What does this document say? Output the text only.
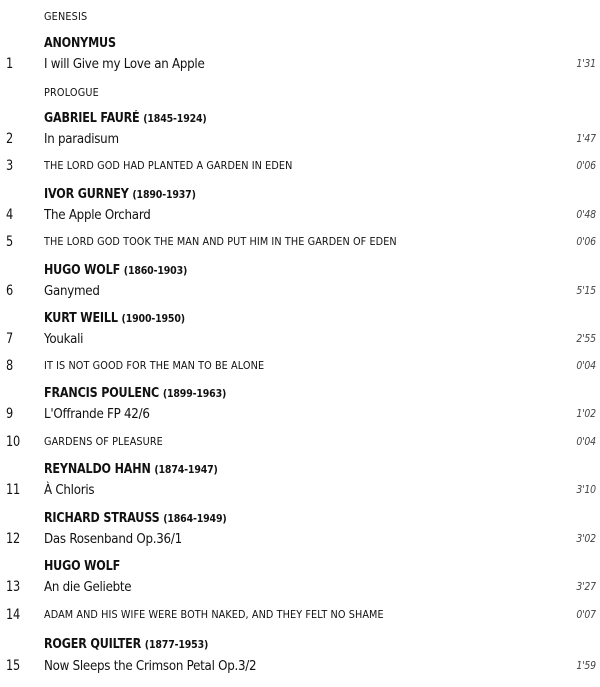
GENESIS
ANONYMUS
1	I will Give my Love an Apple	1'31
PROLOGUE
GABRIEL FAURÉ (1845-1924)
2	In paradisum	1'47
3	THE LORD GOD HAD PLANTED A GARDEN IN EDEN	0'06
IVOR GURNEY (1890-1937)
4	The Apple Orchard	0'48
5	THE LORD GOD TOOK THE MAN AND PUT HIM IN THE GARDEN OF EDEN	0'06
HUGO WOLF (1860-1903)
6	Ganymed	5'15
KURT WEILL (1900-1950)
7	Youkali	2'55
8	IT IS NOT GOOD FOR THE MAN TO BE ALONE	0'04
FRANCIS POULENC (1899-1963)
9	L'Offrande FP 42/6	1'02
10	GARDENS OF PLEASURE	0'04
REYNALDO HAHN (1874-1947)
11	À Chloris	3'10
RICHARD STRAUSS (1864-1949)
12	Das Rosenband Op.36/1	3'02
HUGO WOLF
13	An die Geliebte	3'27
14	ADAM AND HIS WIFE WERE BOTH NAKED, AND THEY FELT NO SHAME	0'07
ROGER QUILTER (1877-1953)
15	Now Sleeps the Crimson Petal Op.3/2	1'59
